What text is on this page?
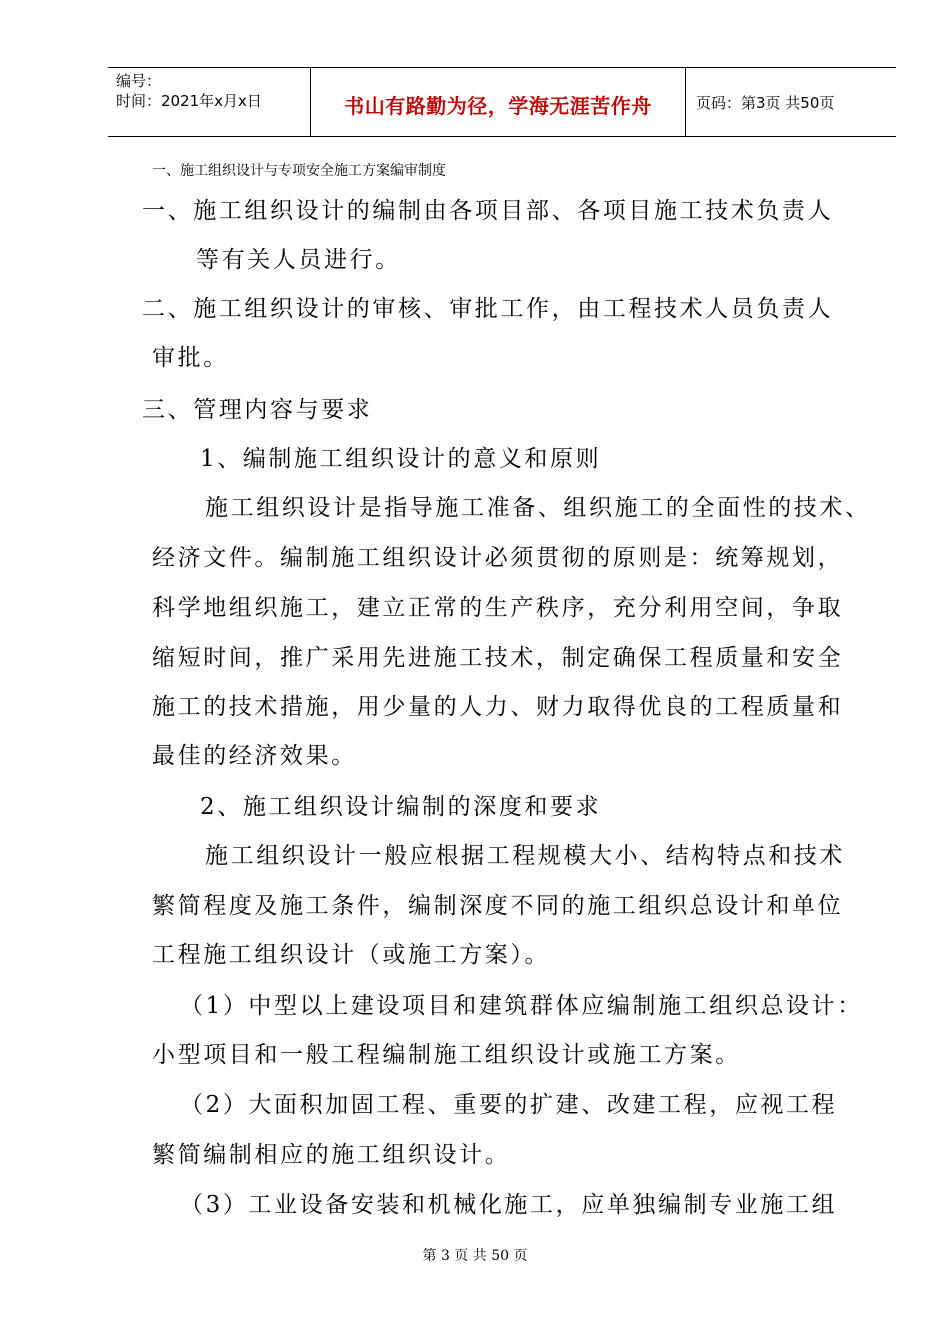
编号：
时间：2021年x月x日	书山有路勤为径，学海无涯苦作舟	页码：第3页 共50页
一、施工组织设计与专项安全施工方案编审制度
一、施工组织设计的编制由各项目部、各项目施工技术负责人
等有关人员进行。
二、施工组织设计的审核、审批工作，由工程技术人员负责人
审批。
三、管理内容与要求
1、编制施工组织设计的意义和原则
施工组织设计是指导施工准备、组织施工的全面性的技术、
经济文件。编制施工组织设计必须贯彻的原则是：统筹规划，
科学地组织施工，建立正常的生产秩序，充分利用空间，争取
缩短时间，推广采用先进施工技术，制定确保工程质量和安全
施工的技术措施，用少量的人力、财力取得优良的工程质量和
最佳的经济效果。
2、施工组织设计编制的深度和要求
施工组织设计一般应根据工程规模大小、结构特点和技术
繁简程度及施工条件，编制深度不同的施工组织总设计和单位
工程施工组织设计（或施工方案）。
（1）中型以上建设项目和建筑群体应编制施工组织总设计：
小型项目和一般工程编制施工组织设计或施工方案。
（2）大面积加固工程、重要的扩建、改建工程，应视工程
繁简编制相应的施工组织设计。
（3）工业设备安装和机械化施工，应单独编制专业施工组
第 3 页 共 50 页
